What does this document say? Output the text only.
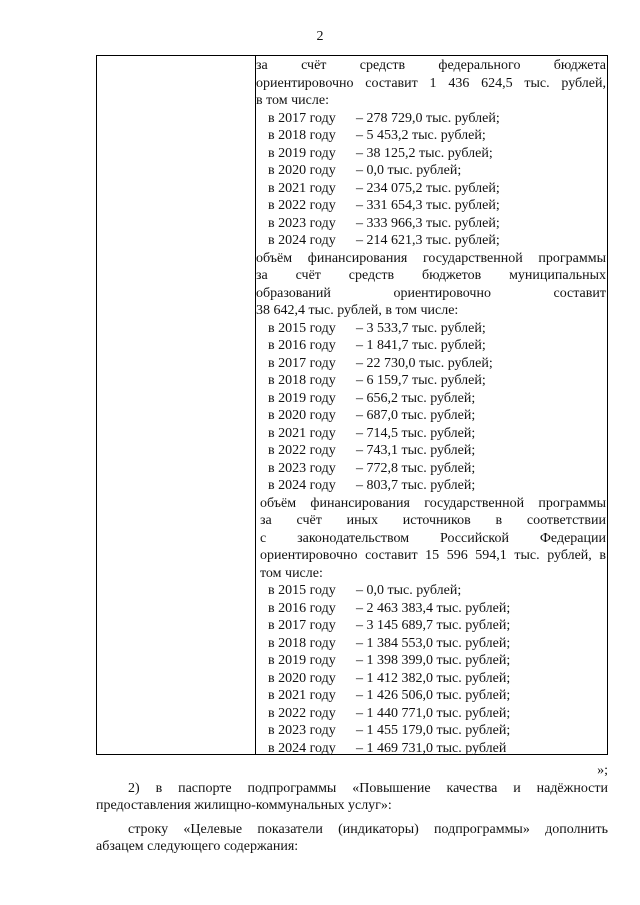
2
за счёт средств федерального бюджета
ориентировочно составит 1 436 624,5 тыс. рублей,
в том числе:
в 2017 году	– 278 729,0 тыс. рублей;
в 2018 году	– 5 453,2 тыс. рублей;
в 2019 году	– 38 125,2 тыс. рублей;
в 2020 году	– 0,0 тыс. рублей;
в 2021 году	– 234 075,2 тыс. рублей;
в 2022 году	– 331 654,3 тыс. рублей;
в 2023 году	– 333 966,3 тыс. рублей;
в 2024 году	– 214 621,3 тыс. рублей;
объём финансирования государственной программы
за счёт средств бюджетов муниципальных
образований ориентировочно составит
38 642,4 тыс. рублей, в том числе:
в 2015 году	– 3 533,7 тыс. рублей;
в 2016 году	– 1 841,7 тыс. рублей;
в 2017 году	– 22 730,0 тыс. рублей;
в 2018 году	– 6 159,7 тыс. рублей;
в 2019 году	– 656,2 тыс. рублей;
в 2020 году	– 687,0 тыс. рублей;
в 2021 году	– 714,5 тыс. рублей;
в 2022 году	– 743,1 тыс. рублей;
в 2023 году	– 772,8 тыс. рублей;
в 2024 году	– 803,7 тыс. рублей;
объём финансирования государственной программы
за счёт иных источников в соответствии
с законодательством Российской Федерации
ориентировочно составит 15 596 594,1 тыс. рублей, в
том числе:
в 2015 году	– 0,0 тыс. рублей;
в 2016 году	– 2 463 383,4 тыс. рублей;
в 2017 году	– 3 145 689,7 тыс. рублей;
в 2018 году	– 1 384 553,0 тыс. рублей;
в 2019 году	– 1 398 399,0 тыс. рублей;
в 2020 году	– 1 412 382,0 тыс. рублей;
в 2021 году	– 1 426 506,0 тыс. рублей;
в 2022 году	– 1 440 771,0 тыс. рублей;
в 2023 году	– 1 455 179,0 тыс. рублей;
в 2024 году	– 1 469 731,0 тыс. рублей
»;
2) в паспорте подпрограммы «Повышение качества и надёжности
предоставления жилищно-коммунальных услуг»:
строку «Целевые показатели (индикаторы) подпрограммы» дополнить
абзацем следующего содержания:
